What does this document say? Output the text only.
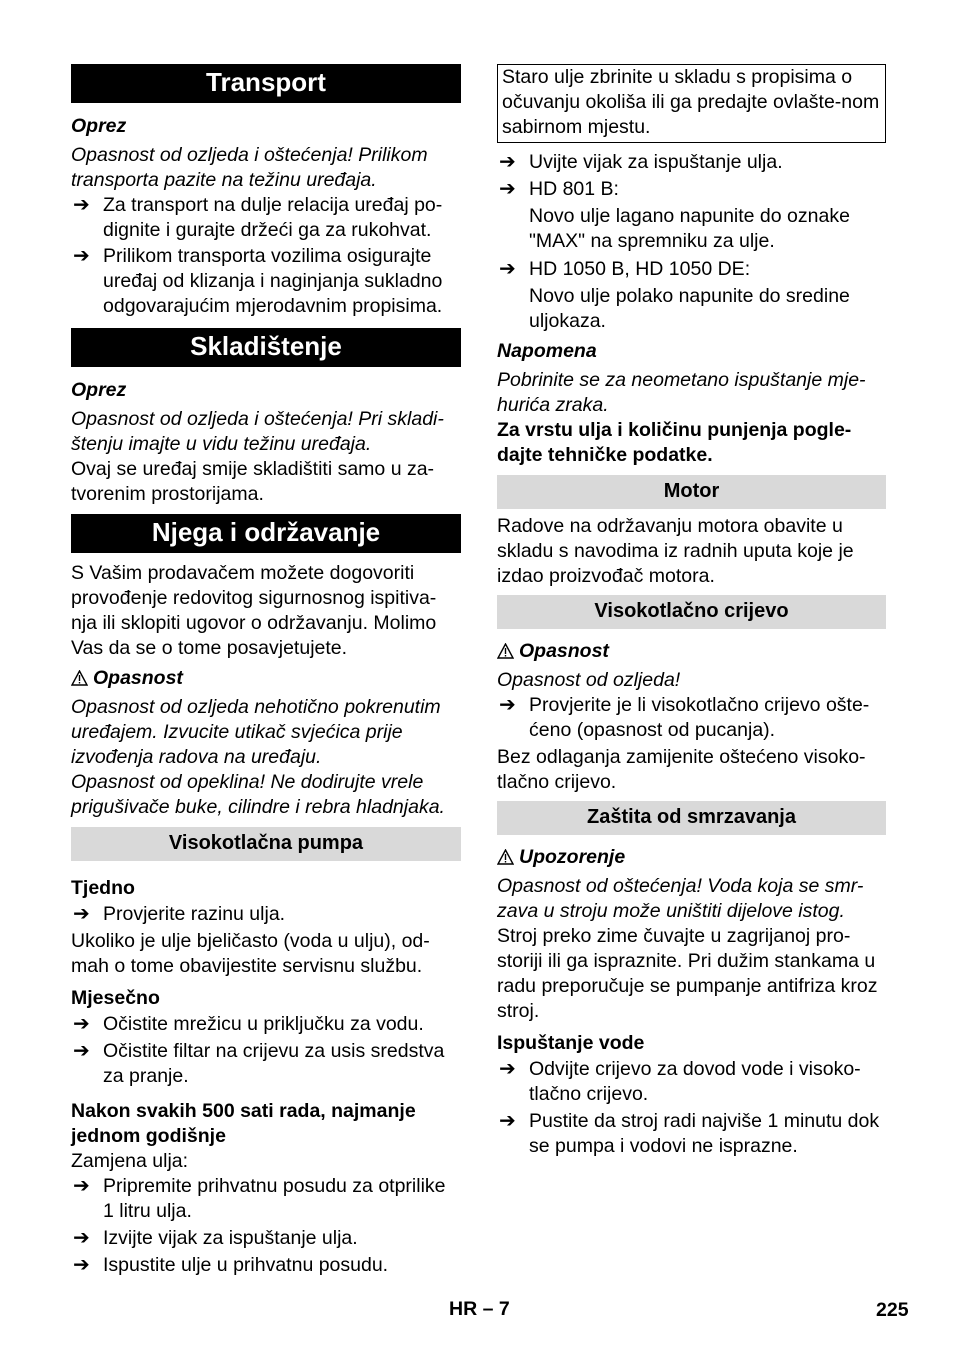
Transport

Oprez

Opasnost od ozljeda i oštećenja! Prilikom transporta pazite na težinu uređaja.

➔ Za transport na dulje relacija uređaj po-dignite i gurajte držeći ga za rukohvat.
➔ Prilikom transporta vozilima osigurajte uređaj od klizanja i naginjanja sukladno odgovarajućim mjerodavnim propisima.
Skladištenje

Oprez

Opasnost od ozljeda i oštećenja! Pri skladi-štenju imajte u vidu težinu uređaja.

Ovaj se uređaj smije skladištiti samo u za-tvorenim prostorijama.

Njega i održavanje

S Vašim prodavačem možete dogovoriti provođenje redovitog sigurnosnog ispitiva-nja ili sklopiti ugovor o održavanju. Molimo Vas da se o tome posavjetujete.

Opasnost

Opasnost od ozljeda nehotično pokrenutim uređajem. Izvucite utikač svjećica prije izvođenja radova na uređaju.

Opasnost od opeklina! Ne dodirujte vrele prigušivače buke, cilindre i rebra hladnjaka.

Visokotlačna pumpa

Tjedno

➔ Provjerite razinu ulja.

Ukoliko je ulje bjeličasto (voda u ulju), od-mah o tome obavijestite servisnu službu.

Mjesečno

➔ Očistite mrežicu u priključku za vodu.
➔ Očistite filtar na crijevu za usis sredstva za pranje.

Nakon svakih 500 sati rada, najmanje jednom godišnje

Zamjena ulja:

➔ Pripremite prihvatnu posudu za otprilike 1 litru ulja.
➔ Izvijte vijak za ispuštanje ulja.
➔ Ispustite ulje u prihvatnu posudu.
Staro ulje zbrinite u skladu s propisima o očuvanju okoliša ili ga predajte ovlašte-nom sabirnom mjestu.
➔ Uvijte vijak za ispuštanje ulja.
➔ HD 801 B:

Novo ulje lagano napunite do oznake "MAX" na spremniku za ulje.

➔ HD 1050 B, HD 1050 DE:

Novo ulje polako napunite do sredine uljokaza.

Napomena

Pobrinite se za neometano ispuštanje mje-hurića zraka.

Za vrstu ulja i količinu punjenja pogle-dajte tehničke podatke.

Motor

Radove na održavanju motora obavite u skladu s navodima iz radnih uputa koje je izdao proizvođač motora.

Visokotlačno crijevo

Opasnost

Opasnost od ozljeda!

➔ Provjerite je li visokotlačno crijevo ošte-ćeno (opasnost od pucanja).

Bez odlaganja zamijenite oštećeno visoko-tlačno crijevo.

Zaštita od smrzavanja

Upozorenje

Opasnost od oštećenja! Voda koja se smr-zava u stroju može uništiti dijelove istog.

Stroj preko zime čuvajte u zagrijanoj pro-storiji ili ga ispraznite. Pri dužim stankama u radu preporučuje se pumpanje antifriza kroz stroj.

Ispuštanje vode

➔ Odvijte crijevo za dovod vode i visoko-tlačno crijevo.
➔ Pustite da stroj radi najviše 1 minutu dok se pumpa i vodovi ne isprazne.
HR – 7	225
